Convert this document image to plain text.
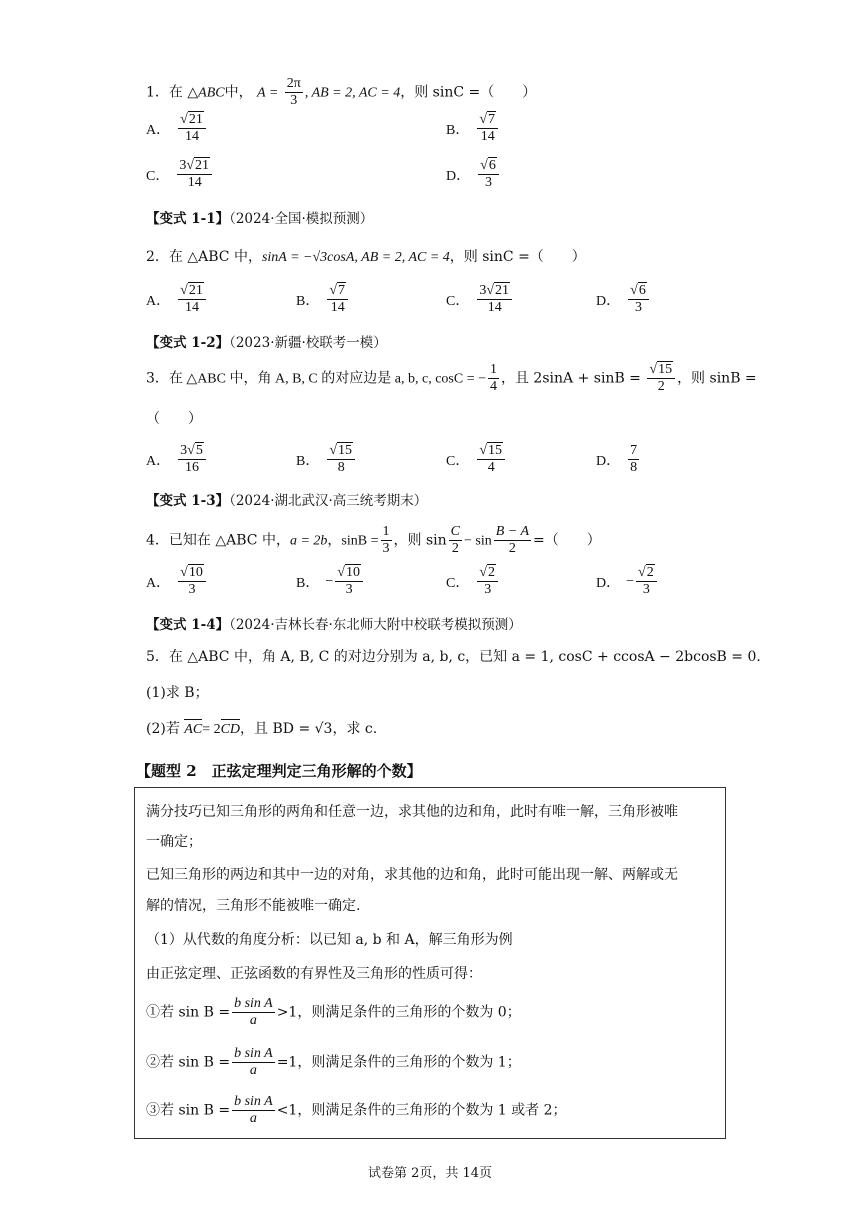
1．在 △ABC中， $A = \frac{2\pi}{3}$ , AB = 2, AC = 4，则 sinC =（　　）
A． $\frac{√21}{14}$	B． $\frac{√7}{14}$
C． $\frac{3√21}{14}$	D． $\frac{√6}{3}$
【变式 1-1】（2024·全国·模拟预测）
2．在 △ABC 中，sinA = −√3cosA, AB = 2, AC = 4，则 sinC =（　　）
A． $\frac{√21}{14}$	B． $\frac{√7}{14}$	C． $\frac{3√21}{14}$	D． $\frac{√6}{3}$
【变式 1-2】（2023·新疆·校联考一模）
3．在 △ABC 中，角 A, B, C 的对应边是 a, b, c, cosC = − $\frac{1}{4}$ ，且 $2\sin A + \sin B = \frac{√15}{2}$ ，则 sinB =
（　　）
A． $\frac{3√5}{16}$	B． $\frac{√15}{8}$	C． $\frac{√15}{4}$	D． $\frac{7}{8}$
【变式 1-3】（2024·湖北武汉·高三统考期末）
4．已知在 △ABC 中，a = 2b，$\sin B = \frac{1}{3}$ ，则 $\sin \frac{C}{2} - \sin \frac{B - A}{2}$ =（　　）
A． $\frac{√10}{3}$	B． − $\frac{√10}{3}$	C． $\frac{√2}{3}$	D． − $\frac{√2}{3}$
【变式 1-4】（2024·吉林长春·东北师大附中校联考模拟预测）
5．在 △ABC 中，角 A, B, C 的对边分别为 a, b, c，已知 a = 1, cosC + ccosA − 2bcosB = 0．
(1)求 B；
(2)若 AC= 2
CD，且 BD = √3，求 c.
【题型 2　正弦定理判定三角形解的个数】
满分技巧已知三角形的两角和任意一边，求其他的边和角，此时有唯一解，三角形被唯
一确定；
已知三角形的两边和其中一边的对角，求其他的边和角，此时可能出现一解、两解或无
解的情况，三角形不能被唯一确定.
（1）从代数的角度分析：以已知 a, b 和 A，解三角形为例
由正弦定理、正弦函数的有界性及三角形的性质可得：
①若 $\sin B = \frac{\text{b sin A}}{a} >1$，则满足条件的三角形的个数为 0；
②若 $\sin B = \frac{\text{b sin A}}{a} =1$，则满足条件的三角形的个数为 1；
③若 $\sin B = \frac{\text{b sin A}}{a} <1$，则满足条件的三角形的个数为 1 或者 2；
试卷第 2页，共 14页
